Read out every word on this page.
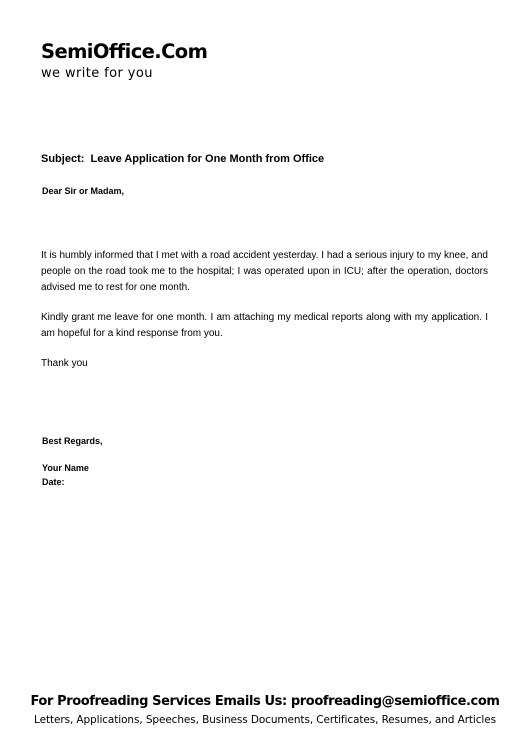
SemiOffice.Com
we write for you
Subject:  Leave Application for One Month from Office
Dear Sir or Madam,

It is humbly informed that I met with a road accident yesterday. I had a serious injury to my knee, and people on the road took me to the hospital; I was operated upon in ICU; after the operation, doctors advised me to rest for one month.

Kindly grant me leave for one month. I am attaching my medical reports along with my application. I am hopeful for a kind response from you.

Thank you
Best Regards,
Your Name
Date:
For Proofreading Services Emails Us: proofreading@semioffice.com
Letters, Applications, Speeches, Business Documents, Certificates, Resumes, and Articles
